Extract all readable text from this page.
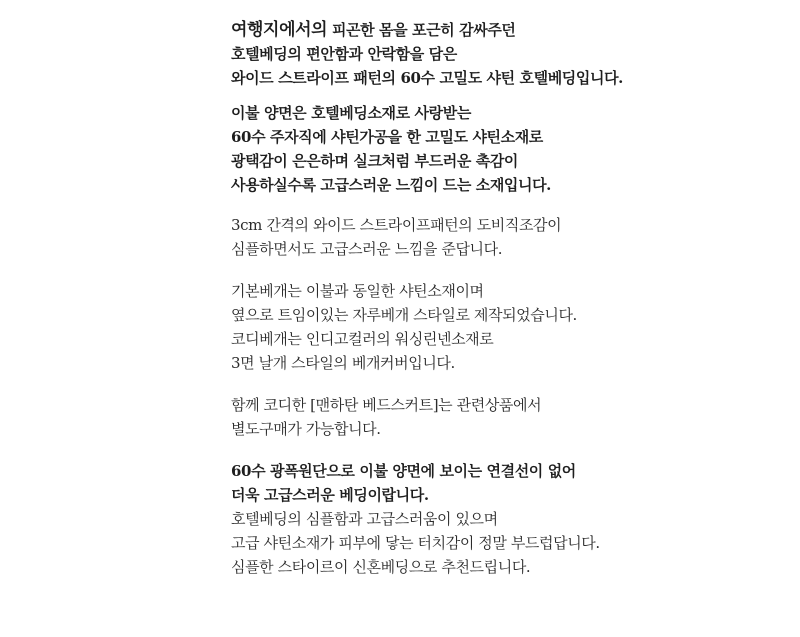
여행지에서의 피곤한 몸을 포근히 감싸주던
호텔베딩의 편안함과 안락함을 담은
와이드 스트라이프 패턴의 60수 고밀도 샤틴 호텔베딩입니다.

이불 양면은 호텔베딩소재로 사랑받는
60수 주자직에 샤틴가공을 한 고밀도 샤틴소재로
광택감이 은은하며 실크처럼 부드러운 촉감이
사용하실수록 고급스러운 느낌이 드는 소재입니다.

3cm 간격의 와이드 스트라이프패턴의 도비직조감이
심플하면서도 고급스러운 느낌을 준답니다.

기본베개는 이불과 동일한 샤틴소재이며
옆으로 트임이있는 자루베개 스타일로 제작되었습니다.
코디베개는 인디고컬러의 워싱린넨소재로
3면 날개 스타일의 베개커버입니다.

함께 코디한 [맨하탄 베드스커트]는 관련상품에서
별도구매가 가능합니다.

60수 광폭원단으로 이불 양면에 보이는 연결선이 없어
더욱 고급스러운 베딩이랍니다.
호텔베딩의 심플함과 고급스러움이 있으며
고급 샤틴소재가 피부에 닿는 터치감이 정말 부드럽답니다.
심플한 스타이르이 신혼베딩으로 추천드립니다.
